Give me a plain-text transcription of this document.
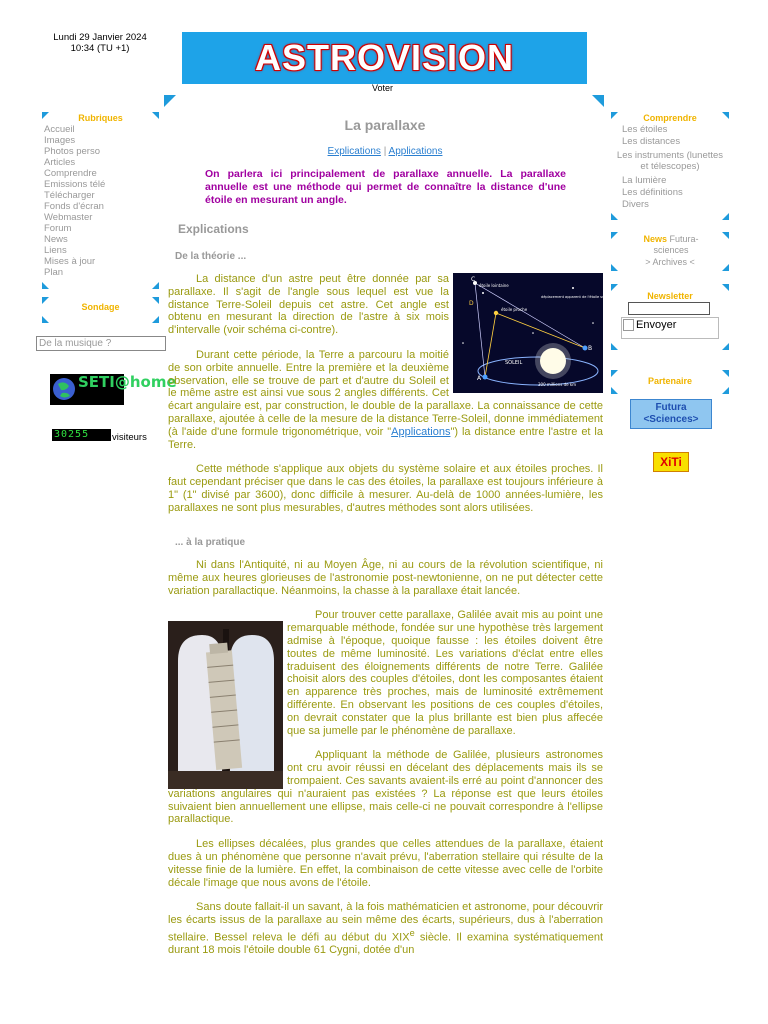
Lundi 29 Janvier 2024
10:34 (TU +1)	ASTROVISION
Voter
Rubriques
Accueil
Images
Photos perso
Articles
Comprendre
Emissions télé
Télécharger
Fonds d'écran
Webmaster
Forum
News
Liens
Mises à jour
Plan
Sondage
De la musique ?
SETI@home
30255	visiteurs
Comprendre
Les étoiles
Les distances
Les instruments (lunettes et télescopes)
La lumière
Les définitions
Divers
News Futura-sciences
> Archives <
Newsletter
Envoyer
Partenaire
Futura
<Sciences>
XiTi
La parallaxe
Explications | Applications
On parlera ici principalement de parallaxe annuelle. La parallaxe annuelle est une méthode qui permet de connaître la distance d'une étoile en mesurant un angle.
Explications
De la théorie ...
C
D
A
B
SOLEIL
étoile lointaine
étoile proche
déplacement apparent de l'étoile sur le ciel
300 millions de km

La distance d'un astre peut être donnée par sa parallaxe. Il s'agit de l'angle sous lequel est vue la distance Terre-Soleil depuis cet astre. Cet angle est obtenu en mesurant la direction de l'astre à six mois d'intervalle (voir schéma ci-contre).

Durant cette période, la Terre a parcouru la moitié de son orbite annuelle. Entre la première et la deuxième observation, elle se trouve de part et d'autre du Soleil et le même astre est ainsi vue sous 2 angles différents. Cet écart angulaire est, par construction, le double de la parallaxe. La connaissance de cette parallaxe, ajoutée à celle de la mesure de la distance Terre-Soleil, donne immédiatement (à l'aide d'une formule trigonométrique, voir "Applications") la distance entre l'astre et la Terre.

Cette méthode s'applique aux objets du système solaire et aux étoiles proches. Il faut cependant préciser que dans le cas des étoiles, la parallaxe est toujours inférieure à 1" (1" divisé par 3600), donc difficile à mesurer. Au-delà de 1000 années-lumière, les parallaxes ne sont plus mesurables, d'autres méthodes sont alors utilisées.

... à la pratique

Ni dans l'Antiquité, ni au Moyen Âge, ni au cours de la révolution scientifique, ni même aux heures glorieuses de l'astronomie post-newtonienne, on ne put détecter cette variation parallactique. Néanmoins, la chasse à la parallaxe était lancée.

Pour trouver cette parallaxe, Galilée avait mis au point une remarquable méthode, fondée sur une hypothèse très largement admise à l'époque, quoique fausse : les étoiles doivent être toutes de même luminosité. Les variations d'éclat entre elles traduisent des éloignements différents de notre Terre. Galilée choisit alors des couples d'étoiles, dont les composantes étaient en apparence très proches, mais de luminosité extrêmement différente. En observant les positions de ces couples d'étoiles, on devrait constater que la plus brillante est bien plus affecée que sa jumelle par le phénomène de parallaxe.

Appliquant la méthode de Galilée, plusieurs astronomes ont cru avoir réussi en décelant des déplacements mais ils se trompaient. Ces savants avaient-ils erré au point d'annoncer des variations angulaires qui n'auraient pas existées ? La réponse est que leurs étoiles suivaient bien annuellement une ellipse, mais celle-ci ne pouvait correspondre à l'ellipse parallactique.

Les ellipses décalées, plus grandes que celles attendues de la parallaxe, étaient dues à un phénomène que personne n'avait prévu, l'aberration stellaire qui résulte de la vitesse finie de la lumière. En effet, la combinaison de cette vitesse avec celle de l'orbite décale l'image que nous avons de l'étoile.

Sans doute fallait-il un savant, à la fois mathématicien et astronome, pour découvrir les écarts issus de la parallaxe au sein même des écarts, supérieurs, dus à l'aberration stellaire. Bessel releva le défi au début du XIXe siècle. Il examina systématiquement durant 18 mois l'étoile double 61 Cygni, dotée d'un
